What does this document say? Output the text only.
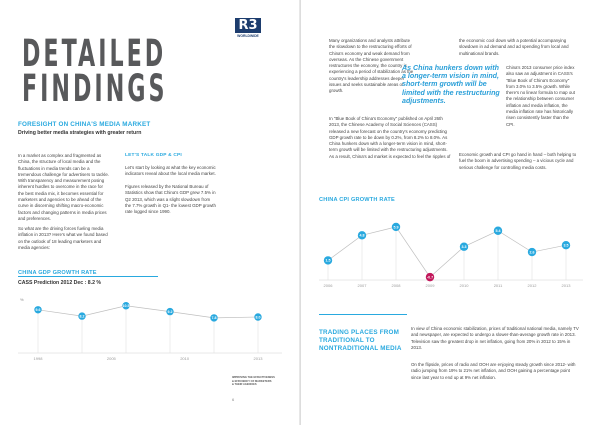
DETAILED
FINDINGS
FORESIGHT ON CHINA'S MEDIA MARKET
Driving better media strategies with greater return
In a market as complex and fragmented as China, the structure of local media and the fluctuations in media trends can be a tremendous challenge for advertisers to tackle. With transparency and measurement posing inherent hurdles to overcome in the race for the best media mix, it becomes essential for marketers and agencies to be ahead of the curve in discerning shifting macro-economic factors and changing patterns in media prices and preferences.
So what are the driving forces fueling media inflation in 2013? Here's what we found based on the outlook of 18 leading marketers and media agencies:
LET'S TALK GDP & CPI
Let's start by looking at what the key economic indicators reveal about the local media market.
Figures released by the National Bureau of Statistics show that China's GDP grew 7.5% in Q2 2013, which was a slight slowdown from the 7.7% growth in Q1- the lowest GDP growth rate logged since 1990.
CHINA GDP GROWTH RATE
CASS Prediction 2012 Dec : 8.2 %
%
9.6
8.2
10.5
9.2
7.8	8.0
1998	2005	2010	2013
IMPROVING THE EFFECTIVENESS
& EFFICIENCY OF MARKETERS
& THEIR AGENCIES
6
R3
WORLDWIDE
Many organizations and analysts attribute the slowdown to the restructuring efforts of China's economy and weak demand from overseas. As the Chinese government restructures the economy, the country is experiencing a period of stabilization as the country's leadership addresses deeper issues and seeks sustainable areas of growth.
In "Blue Book of China's Economy" published on April 26th 2013, the Chinese Academy of Social Sciences (CASS) released a new forecast on the country's economy predicting GDP growth rate to be down by 0.2%, from 8.2% to 8.0%. As China hunkers down with a longer-term vision in mind, short-term growth will be limited with the restructuring adjustments. As a result, China's ad market is expected to feel the ripples of
the economic cool down with a potential accompanying slowdown in ad demand and ad spending from local and multinational brands.
As China hunkers down with a longer-term vision in mind, short-term growth will be limited with the restructuring adjustments.
China's 2013 consumer price index also saw an adjustment in CASS's "Blue Book of China's Economy" from 3.0% to 3.5% growth. While there's no linear formula to map out the relationship between consumer inflation and media inflation, the media inflation rate has historically risen consistently faster than the CPI.
Economic growth and CPI go hand in hand – both helping to fuel the boom in advertising spending – a vicious cycle and serious challenge for controlling media costs.
CHINA CPI GROWTH RATE
1.5
4.8
5.9
-0.7
3.3
5.4
2.6
3.5
2006	2007	2008	2009	2010	2011	2012	2013
TRADING PLACES FROM
TRADITIONAL TO
NONTRADITIONAL MEDIA
In view of China economic stabilization, prices of traditional national media, namely TV and newspaper, are expected to undergo a slower-than-average growth rate in 2013. Television saw the greatest drop in net inflation, going from 20% in 2012 to 15% in 2013.
On the flipside, prices of radio and OOH are enjoying steady growth since 2012- with radio jumping from 19% to 21% net inflation, and OOH gaining a percentage point since last year to end up at 9% net inflation.
